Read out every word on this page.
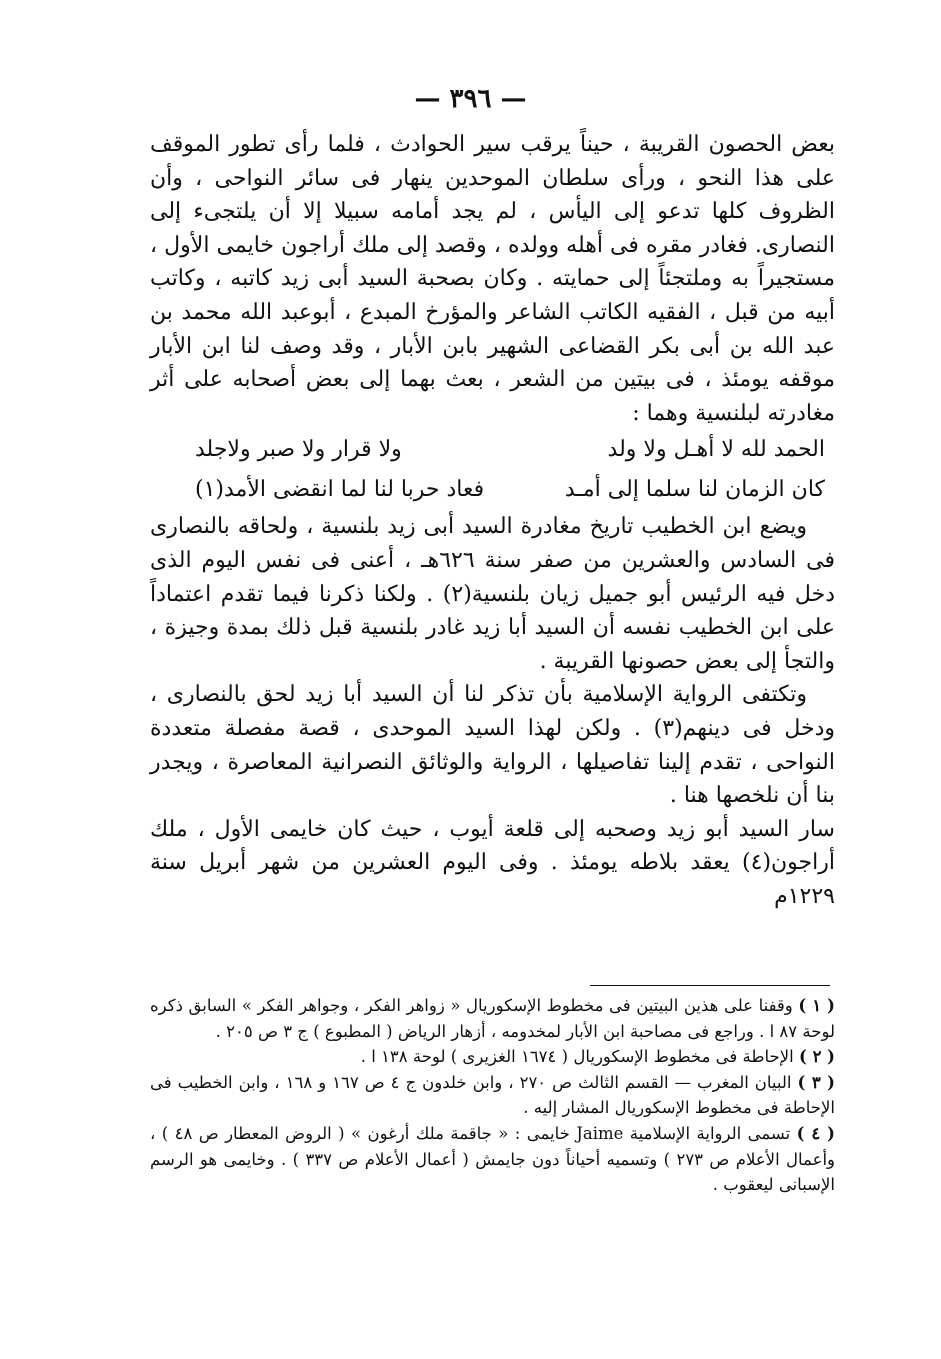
— ٣٩٦ —

بعض الحصون القريبة ، حيناً يرقب سير الحوادث ، فلما رأى تطور الموقف على هذا النحو ، ورأى سلطان الموحدين ينهار فى سائر النواحى ، وأن الظروف كلها تدعو إلى اليأس ، لم يجد أمامه سبيلا إلا أن يلتجىء إلى النصارى. فغادر مقره فى أهله وولده ، وقصد إلى ملك أراجون خايمى الأول ، مستجيراً به وملتجئاً إلى حمايته . وكان بصحبة السيد أبى زيد كاتبه ، وكاتب أبيه من قبل ، الفقيه الكاتب الشاعر والمؤرخ المبدع ، أبوعبد الله محمد بن عبد الله بن أبى بكر القضاعى الشهير بابن الأبار ، وقد وصف لنا ابن الأبار موقفه يومئذ ، فى بيتين من الشعر ، بعث بهما إلى بعض أصحابه على أثر مغادرته لبلنسية وهما :

الحمد لله لا أهـل ولا ولد
ولا قرار ولا صبر ولاجلد
كان الزمان لنا سلما إلى أمـد
فعاد حربا لنا لما انقضى الأمد(١)

ويضع ابن الخطيب تاريخ مغادرة السيد أبى زيد بلنسية ، ولحاقه بالنصارى فى السادس والعشرين من صفر سنة ٦٢٦هـ ، أعنى فى نفس اليوم الذى دخل فيه الرئيس أبو جميل زيان بلنسية(٢) . ولكنا ذكرنا فيما تقدم اعتماداً على ابن الخطيب نفسه أن السيد أبا زيد غادر بلنسية قبل ذلك بمدة وجيزة ، والتجأ إلى بعض حصونها القريبة .

وتكتفى الرواية الإسلامية بأن تذكر لنا أن السيد أبا زيد لحق بالنصارى ، ودخل فى دينهم(٣) . ولكن لهذا السيد الموحدى ، قصة مفصلة متعددة النواحى ، تقدم إلينا تفاصيلها ، الرواية والوثائق النصرانية المعاصرة ، ويجدر بنا أن نلخصها هنا .

سار السيد أبو زيد وصحبه إلى قلعة أيوب ، حيث كان خايمى الأول ، ملك أراجون(٤) يعقد بلاطه يومئذ . وفى اليوم العشرين من شهر أبريل سنة ١٢٢٩م

( ١ ) وقفنا على هذين البيتين فى مخطوط الإسكوريال « زواهر الفكر ، وجواهر الفكر » السابق ذكره لوحة ٨٧ ا . وراجع فى مصاحبة ابن الأبار لمخدومه ، أزهار الرياض ( المطبوع ) ج ٣ ص ٢٠٥ .

( ٢ ) الإحاطة فى مخطوط الإسكوريال ( ١٦٧٤ الغزيرى ) لوحة ١٣٨ ا .

( ٣ ) البيان المغرب — القسم الثالث ص ٢٧٠ ، وابن خلدون ج ٤ ص ١٦٧ و ١٦٨ ، وابن الخطيب فى الإحاطة فى مخطوط الإسكوريال المشار إليه .

( ٤ ) تسمى الرواية الإسلامية Jaime خايمى : « جاقمة ملك أرغون » ( الروض المعطار ص ٤٨ ) ، وأعمال الأعلام ص ٢٧٣ ) وتسميه أحياناً دون جايمش ( أعمال الأعلام ص ٣٣٧ ) . وخايمى هو الرسم الإسبانى ليعقوب .
